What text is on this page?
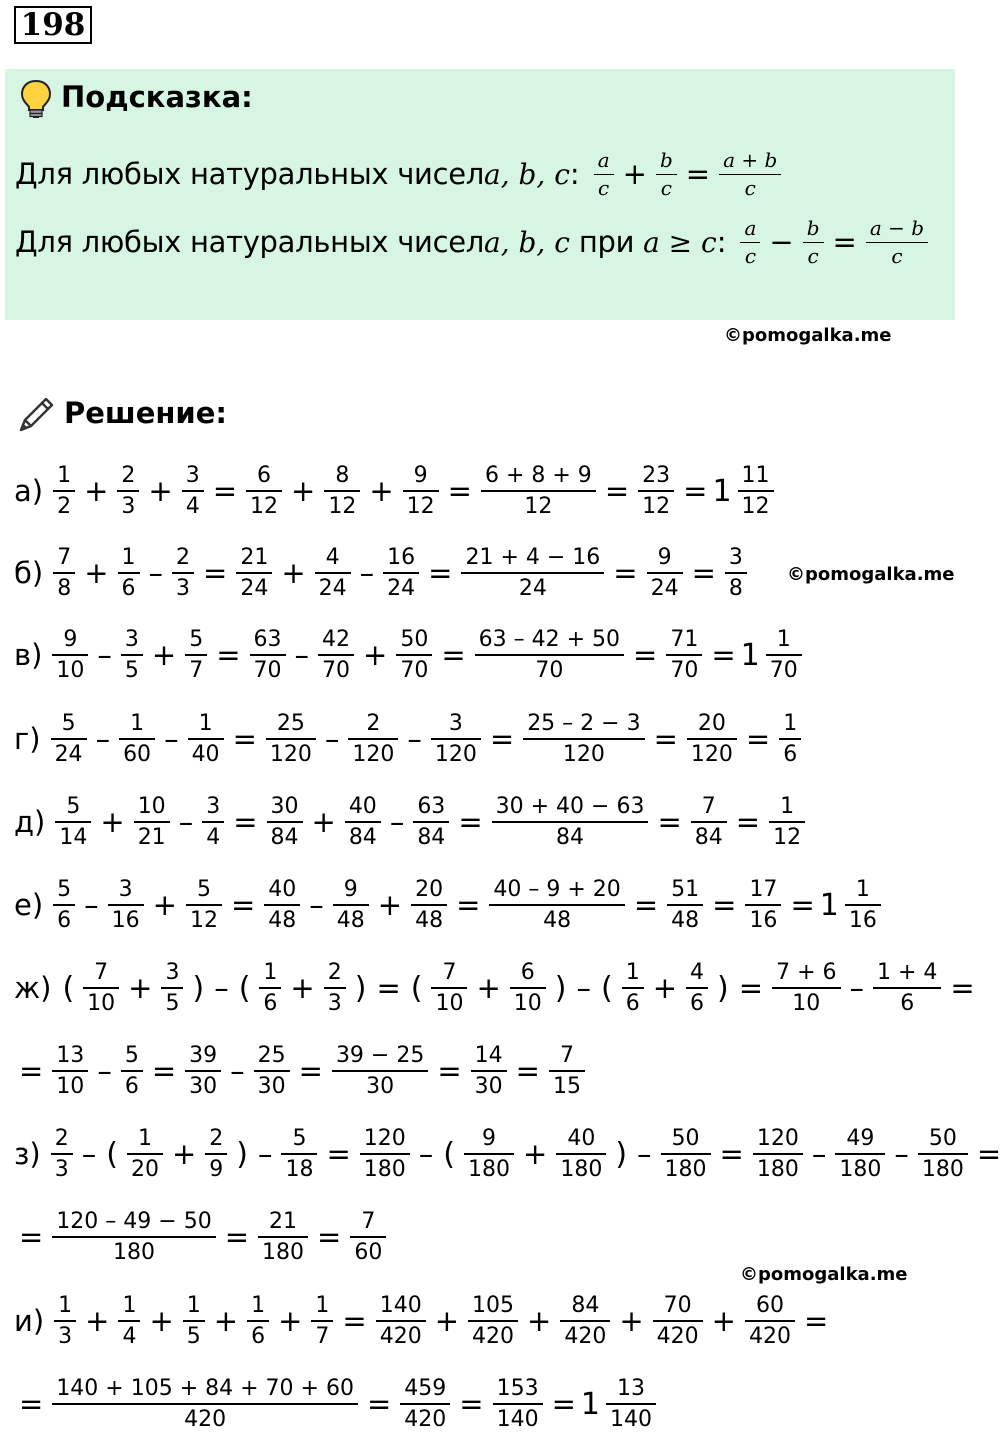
198
Подсказка:
Для любых натуральных чисел a, b, c : $\frac{a}{c} + \frac{b}{c} = \frac{a + b}{c}$
Для любых натуральных чисел a, b, c при a ≥ c : $\frac{a}{c} - \frac{b}{c} = \frac{a - b}{c}$
©pomogalka.me
©pomogalka.me
©pomogalka.me
Решение:
$а) \frac{1}{2} + \frac{2}{3} + \frac{3}{4} = \frac{6}{12} + \frac{8}{12} + \frac{9}{12} = \frac{6 + 8 + 9}{12} = \frac{23}{12} = 1 \frac{11}{12}$
$б) \frac{7}{8} + \frac{1}{6} - \frac{2}{3} = \frac{21}{24} + \frac{4}{24} - \frac{16}{24} = \frac{21 + 4 - 16}{24} = \frac{9}{24} = \frac{3}{8}$
$в) \frac{9}{10} - \frac{3}{5} + \frac{5}{7} = \frac{63}{70} - \frac{42}{70} + \frac{50}{70} = \frac{63 - 42 + 50}{70} = \frac{71}{70} = 1 \frac{1}{70}$
$г) \frac{5}{24} - \frac{1}{60} - \frac{1}{40} = \frac{25}{120} - \frac{2}{120} - \frac{3}{120} = \frac{25 - 2 - 3}{120} = \frac{20}{120} = \frac{1}{6}$
$д) \frac{5}{14} + \frac{10}{21} - \frac{3}{4} = \frac{30}{84} + \frac{40}{84} - \frac{63}{84} = \frac{30 + 40 - 63}{84} = \frac{7}{84} = \frac{1}{12}$
$е) \frac{5}{6} - \frac{3}{16} + \frac{5}{12} = \frac{40}{48} - \frac{9}{48} + \frac{20}{48} = \frac{40 - 9 + 20}{48} = \frac{51}{48} = \frac{17}{16} = 1 \frac{1}{16}$
ж) ( $\frac{7}{10} + \frac{3}{5}$ ) – ( $\frac{1}{6} + \frac{2}{3}$ ) = ( $\frac{7}{10} + \frac{6}{10}$ ) – ( $\frac{1}{6} + \frac{4}{6}$ ) = $\frac{7 + 6}{10} - \frac{1 + 4}{6}$ =
= $\frac{13}{10} - \frac{5}{6} = \frac{39}{30} - \frac{25}{30} = \frac{39 - 25}{30} = \frac{14}{30} = \frac{7}{15}$
$з) \frac{2}{3}$ – ( $\frac{1}{20} + \frac{2}{9}$ ) – $\frac{5}{18} = \frac{120}{180}$ – ( $\frac{9}{180} + \frac{40}{180}$ ) – $\frac{50}{180} = \frac{120}{180} - \frac{49}{180} - \frac{50}{180}$ =
= $\frac{120 - 49 - 50}{180} = \frac{21}{180} = \frac{7}{60}$
$и) \frac{1}{3} + \frac{1}{4} + \frac{1}{5} + \frac{1}{6} + \frac{1}{7} = \frac{140}{420} + \frac{105}{420} + \frac{84}{420} + \frac{70}{420} + \frac{60}{420}$ =
= $\frac{140 + 105 + 84 + 70 + 60}{420} = \frac{459}{420} = \frac{153}{140} = 1 \frac{13}{140}$
